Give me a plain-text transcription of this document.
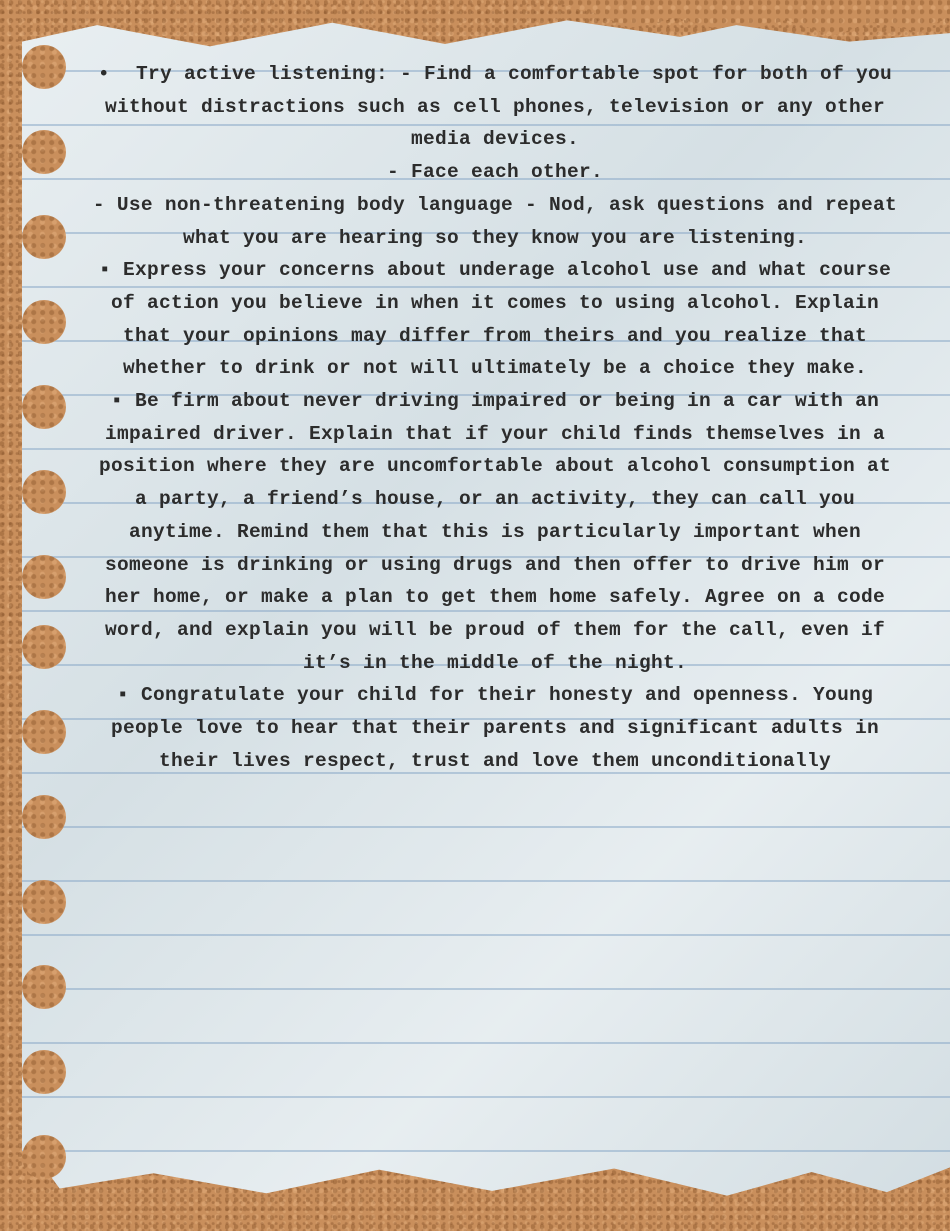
• Try active listening: - Find a comfortable spot for both of you without distractions such as cell phones, television or any other media devices.

- Face each other.

- Use non-threatening body language - Nod, ask questions and repeat what you are hearing so they know you are listening.

▪ Express your concerns about underage alcohol use and what course of action you believe in when it comes to using alcohol. Explain that your opinions may differ from theirs and you realize that whether to drink or not will ultimately be a choice they make.

▪ Be firm about never driving impaired or being in a car with an impaired driver. Explain that if your child finds themselves in a position where they are uncomfortable about alcohol consumption at a party, a friend’s house, or an activity, they can call you anytime. Remind them that this is particularly important when someone is drinking or using drugs and then offer to drive him or her home, or make a plan to get them home safely. Agree on a code word, and explain you will be proud of them for the call, even if it’s in the middle of the night.

▪ Congratulate your child for their honesty and openness. Young people love to hear that their parents and significant adults in their lives respect, trust and love them unconditionally
